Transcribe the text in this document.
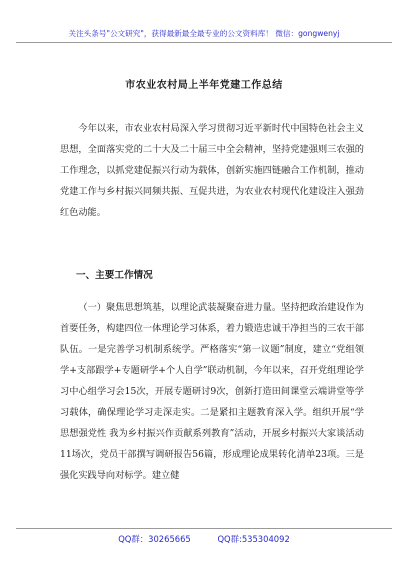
关注头条号"公文研究"，获得最新最全最专业的公文资料库！ 微信：gongwenyj
市农业农村局上半年党建工作总结
今年以来，市农业农村局深入学习贯彻习近平新时代中国特色社会主义思想，全面落实党的二十大及二十届三中全会精神，坚持党建强则三农强的工作理念，以抓党建促振兴行动为载体，创新实施四链融合工作机制，推动党建工作与乡村振兴同频共振、互促共进，为农业农村现代化建设注入强劲红色动能。
一、主要工作情况
（一）聚焦思想筑基，以理论武装凝聚奋进力量。坚持把政治建设作为首要任务，构建四位一体理论学习体系，着力锻造忠诚干净担当的三农干部队伍。一是完善学习机制系统学。严格落实“第一议题”制度，建立“党组领学+支部跟学+专题研学+个人自学”联动机制，今年以来，召开党组理论学习中心组学习会15次，开展专题研讨9次，创新打造田间课堂云端讲堂等学习载体，确保理论学习走深走实。二是紧扣主题教育深入学。组织开展“学思想强党性 我为乡村振兴作贡献系列教育”活动，开展乡村振兴大家谈活动11场次，党员干部撰写调研报告56篇，形成理论成果转化清单23项。三是强化实践导向对标学。建立健
QQ群：30265665	QQ群:535304092
